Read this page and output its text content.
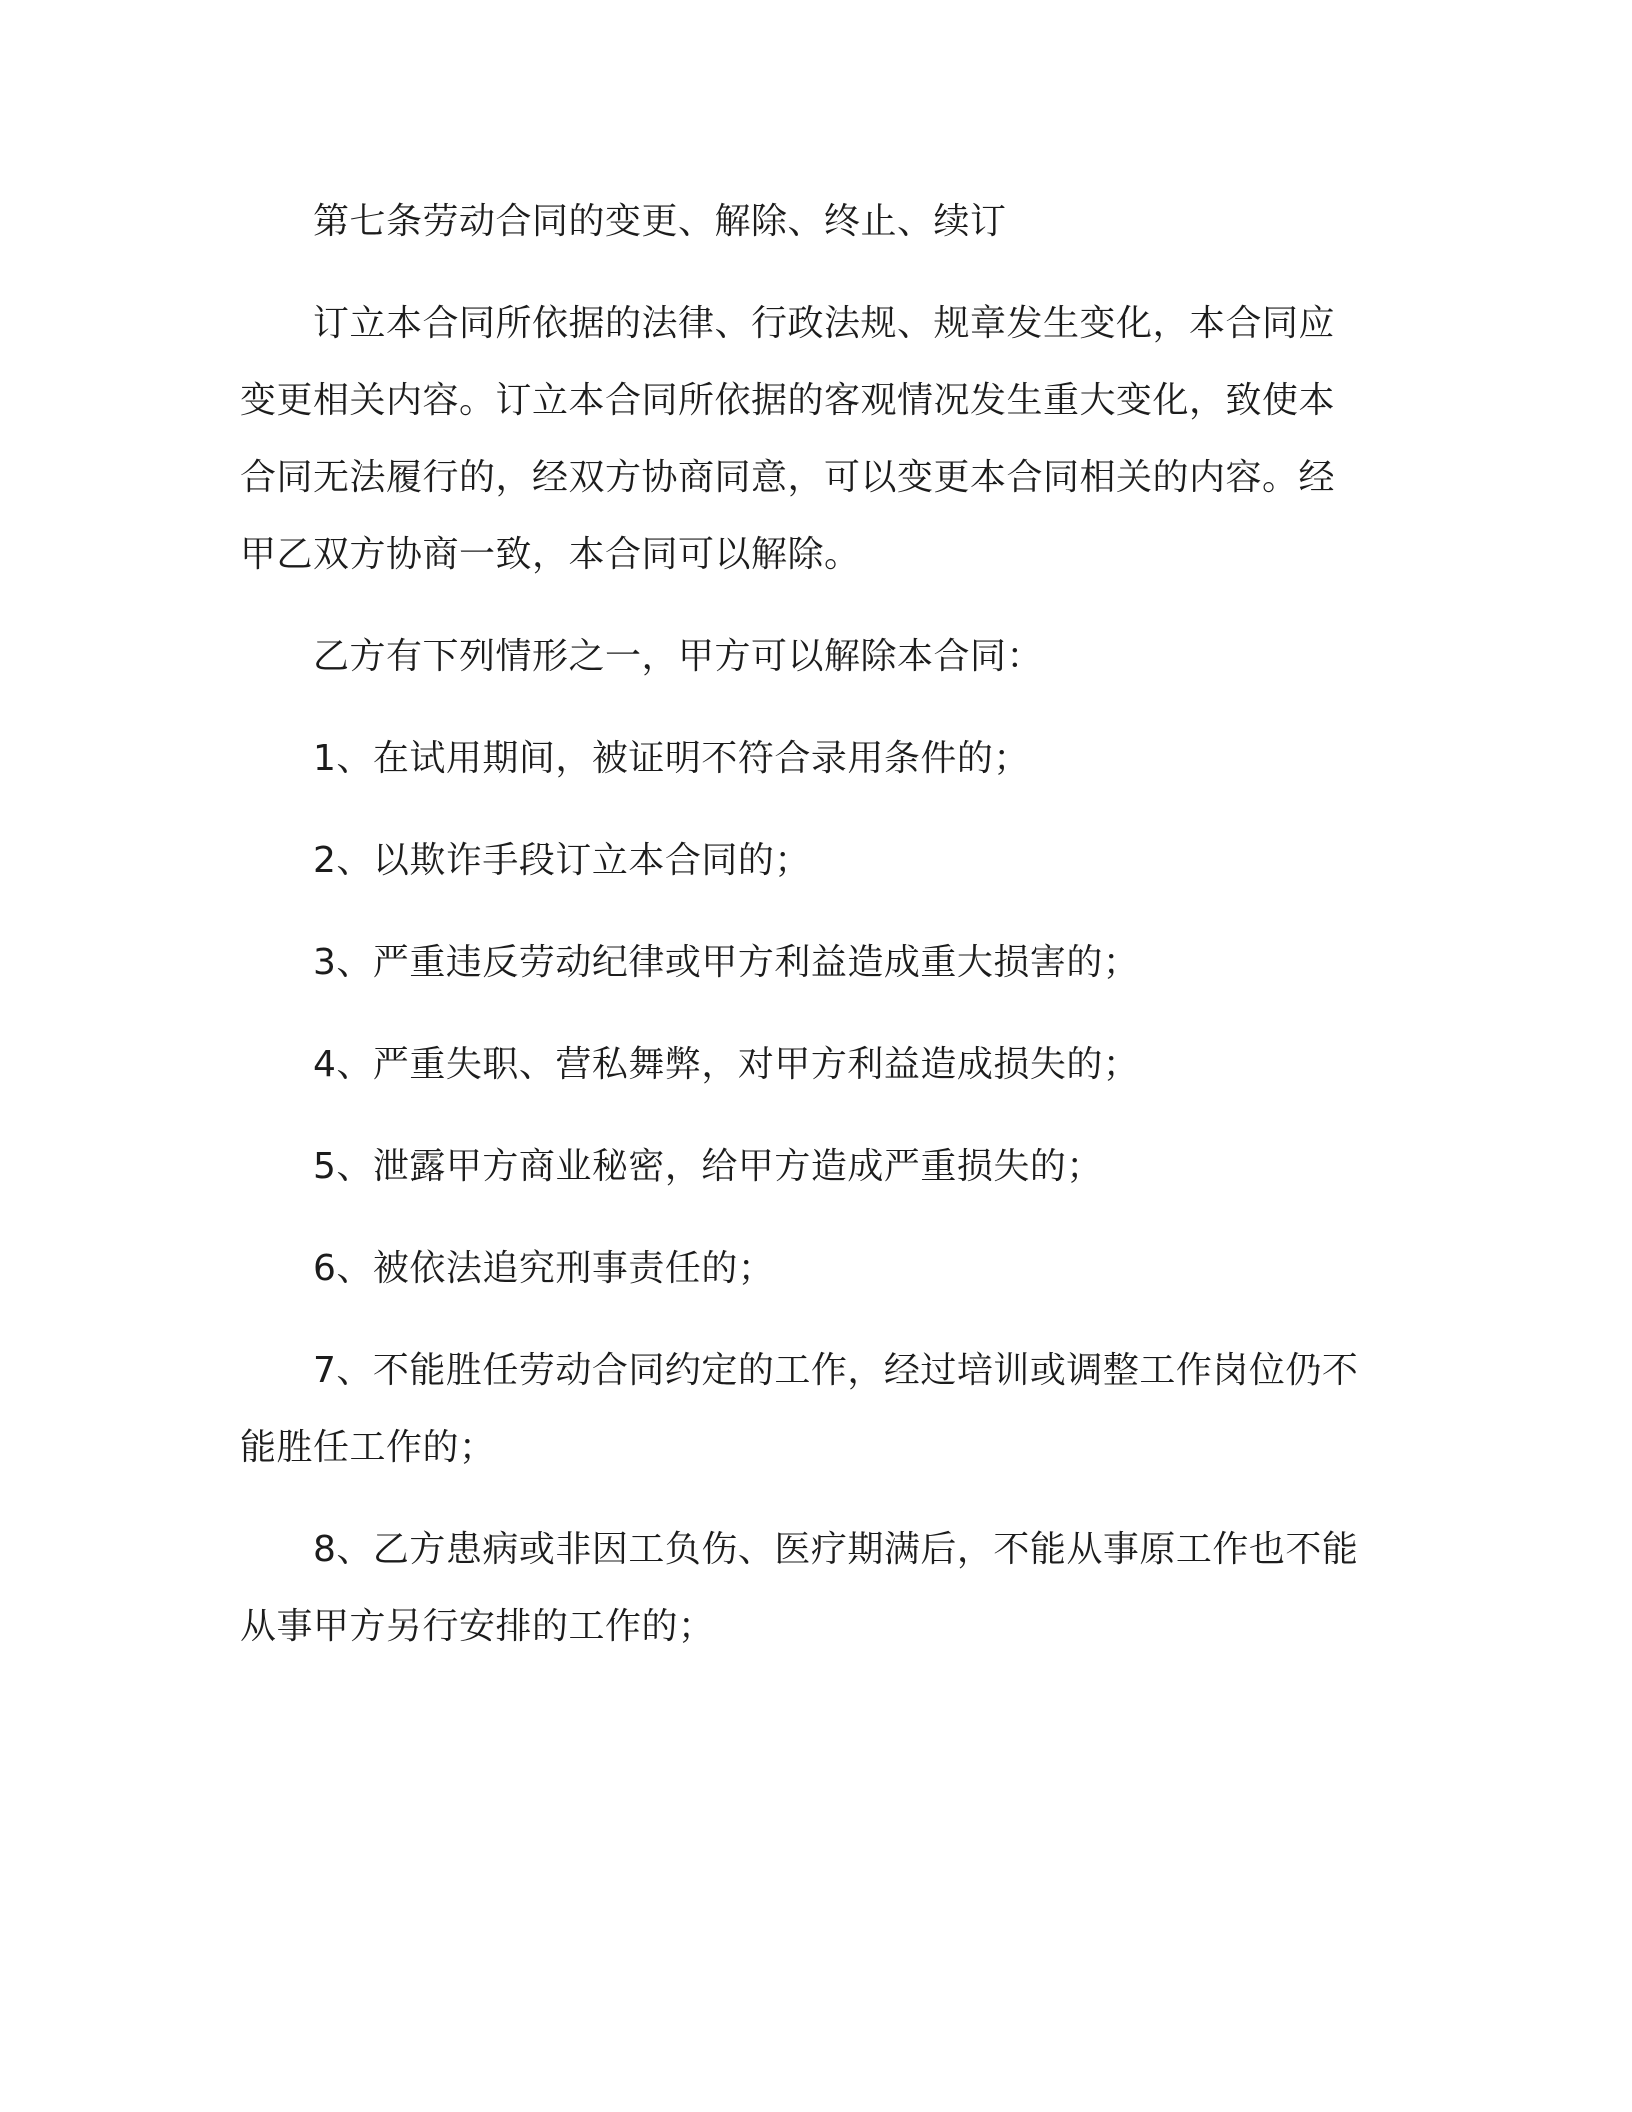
第七条劳动合同的变更、解除、终止、续订

订立本合同所依据的法律、行政法规、规章发生变化，本合同应变更相关内容。订立本合同所依据的客观情况发生重大变化，致使本合同无法履行的，经双方协商同意，可以变更本合同相关的内容。经甲乙双方协商一致，本合同可以解除。

乙方有下列情形之一，甲方可以解除本合同：

1、在试用期间，被证明不符合录用条件的；

2、以欺诈手段订立本合同的；

3、严重违反劳动纪律或甲方利益造成重大损害的；

4、严重失职、营私舞弊，对甲方利益造成损失的；

5、泄露甲方商业秘密，给甲方造成严重损失的；

6、被依法追究刑事责任的；

7、不能胜任劳动合同约定的工作，经过培训或调整工作岗位仍不能胜任工作的；

8、乙方患病或非因工负伤、医疗期满后，不能从事原工作也不能从事甲方另行安排的工作的；
